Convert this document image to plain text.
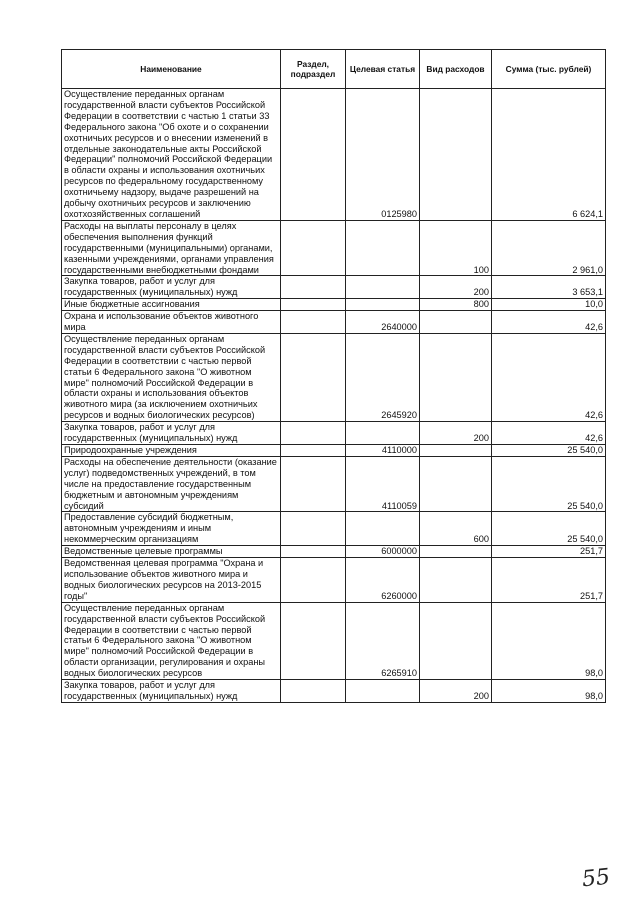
Наименование	Раздел, подраздел	Целевая статья	Вид расходов	Сумма (тыс. рублей)
Осуществление переданных органам государственной власти субъектов Российской Федерации в соответствии с частью 1 статьи 33 Федерального закона "Об охоте и о сохранении охотничьих ресурсов и о внесении изменений в отдельные законодательные акты Российской Федерации" полномочий Российской Федерации в области охраны и использования охотничьих ресурсов по федеральному государственному охотничьему надзору, выдаче разрешений на добычу охотничьих ресурсов и заключению охотхозяйственных соглашений		0125980		6 624,1
Расходы на выплаты персоналу в целях обеспечения выполнения функций государственными (муниципальными) органами, казенными учреждениями, органами управления государственными внебюджетными фондами			100	2 961,0
Закупка товаров, работ и услуг для государственных (муниципальных) нужд			200	3 653,1
Иные бюджетные ассигнования			800	10,0
Охрана и использование объектов животного мира		2640000		42,6
Осуществление переданных органам государственной власти субъектов Российской Федерации в соответствии с частью первой статьи 6 Федерального закона "О животном мире" полномочий Российской Федерации в области охраны и использования объектов животного мира (за исключением охотничьих ресурсов и водных биологических ресурсов)		2645920		42,6
Закупка товаров, работ и услуг для государственных (муниципальных) нужд			200	42,6
Природоохранные учреждения		4110000		25 540,0
Расходы на обеспечение деятельности (оказание услуг) подведомственных учреждений, в том числе на предоставление государственным бюджетным и автономным учреждениям субсидий		4110059		25 540,0
Предоставление субсидий бюджетным, автономным учреждениям и иным некоммерческим организациям			600	25 540,0
Ведомственные целевые программы		6000000		251,7
Ведомственная целевая программа "Охрана и использование объектов животного мира и водных биологических ресурсов на 2013-2015 годы"		6260000		251,7
Осуществление переданных органам государственной власти субъектов Российской Федерации в соответствии с частью первой статьи 6 Федерального закона "О животном мире" полномочий Российской Федерации в области организации, регулирования и охраны водных биологических ресурсов		6265910		98,0
Закупка товаров, работ и услуг для государственных (муниципальных) нужд			200	98,0
55
